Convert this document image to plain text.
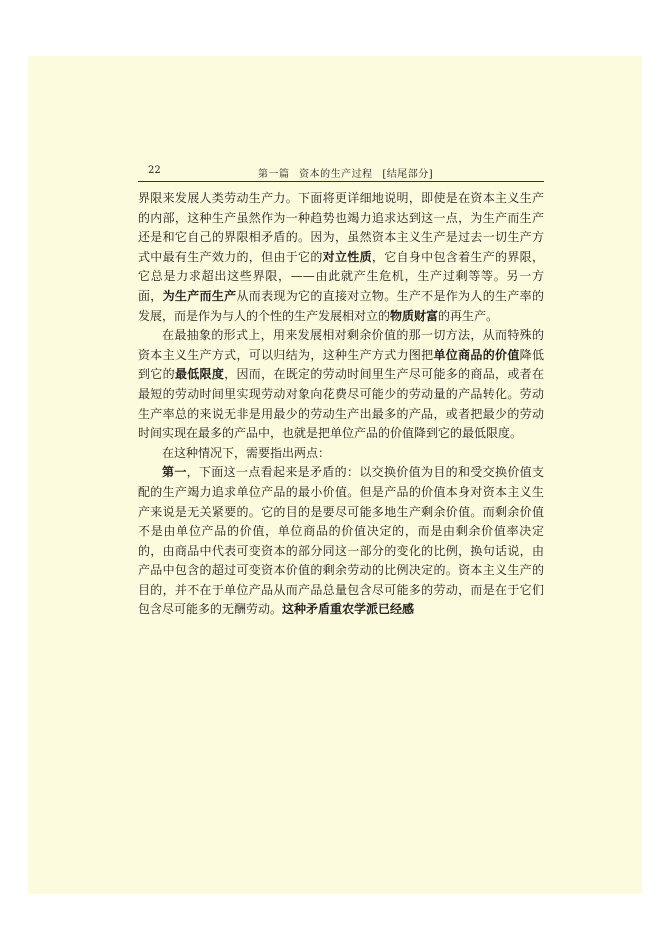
22	第一篇 资本的生产过程 [结尾部分]

界限来发展人类劳动生产力。下面将更详细地说明，即使是在资本主义生产的内部，这种生产虽然作为一种趋势也竭力追求达到这一点，为生产而生产还是和它自己的界限相矛盾的。因为，虽然资本主义生产是过去一切生产方式中最有生产效力的，但由于它的对立性质，它自身中包含着生产的界限，它总是力求超出这些界限，——由此就产生危机，生产过剩等等。另一方面，为生产而生产从而表现为它的直接对立物。生产不是作为人的生产率的发展，而是作为与人的个性的生产发展相对立的物质财富的再生产。

在最抽象的形式上，用来发展相对剩余价值的那一切方法，从而特殊的资本主义生产方式，可以归结为，这种生产方式力图把单位商品的价值降低到它的最低限度，因而，在既定的劳动时间里生产尽可能多的商品，或者在最短的劳动时间里实现劳动对象向花费尽可能少的劳动量的产品转化。劳动生产率总的来说无非是用最少的劳动生产出最多的产品，或者把最少的劳动时间实现在最多的产品中，也就是把单位产品的价值降到它的最低限度。

在这种情况下，需要指出两点：

第一，下面这一点看起来是矛盾的：以交换价值为目的和受交换价值支配的生产竭力追求单位产品的最小价值。但是产品的价值本身对资本主义生产来说是无关紧要的。它的目的是要尽可能多地生产剩余价值。而剩余价值不是由单位产品的价值，单位商品的价值决定的，而是由剩余价值率决定的，由商品中代表可变资本的部分同这一部分的变化的比例，换句话说，由产品中包含的超过可变资本价值的剩余劳动的比例决定的。资本主义生产的目的，并不在于单位产品从而产品总量包含尽可能多的劳动，而是在于它们包含尽可能多的无酬劳动。这种矛盾重农学派已经感
